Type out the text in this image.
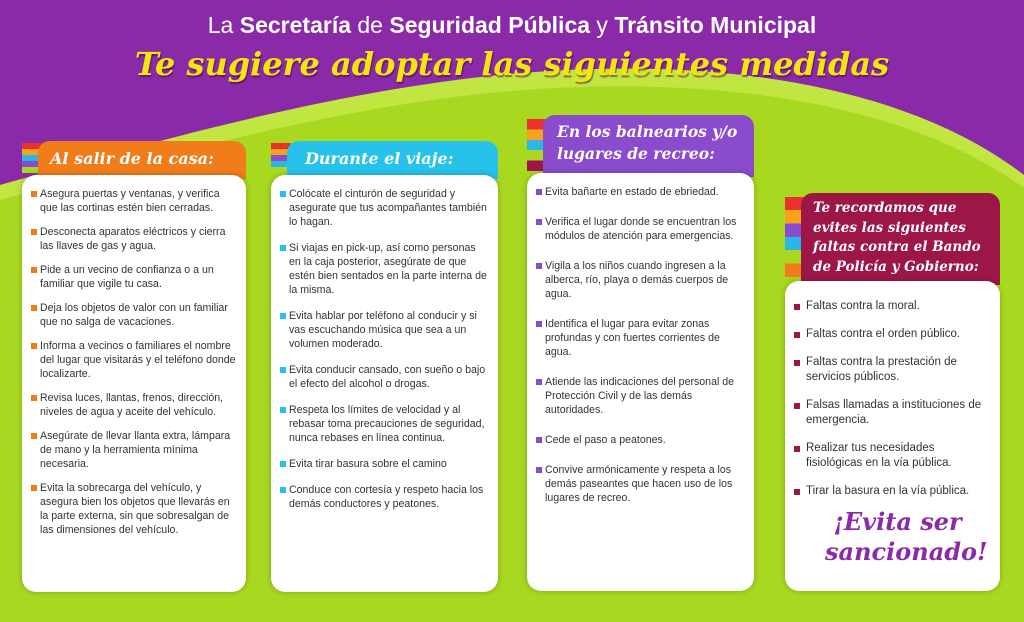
La Secretaría de Seguridad Pública y Tránsito Municipal
Te sugiere adoptar las siguientes medidas
Al salir de la casa:
Asegura puertas y ventanas, y verifica que las cortinas estén bien cerradas.
Desconecta aparatos eléctricos y cierra las llaves de gas y agua.
Pide a un vecino de confianza o a un familiar que vigile tu casa.
Deja los objetos de valor con un familiar que no salga de vacaciones.
Informa a vecinos o familiares el nombre del lugar que visitarás y el teléfono donde localizarte.
Revisa luces, llantas, frenos, dirección, niveles de agua y aceite del vehículo.
Asegúrate de llevar llanta extra, lámpara de mano y la herramienta mínima necesaria.
Evita la sobrecarga del vehículo, y asegura bien los objetos que llevarás en la parte externa, sin que sobresalgan de las dimensiones del vehículo.
Durante el viaje:
Colócate el cinturón de seguridad y asegurate que tus acompañantes también lo hagan.
Si viajas en pick-up, así como personas en la caja posterior, asegúrate de que estén bien sentados en la parte interna de la misma.
Evita hablar por teléfono al conducir y si vas escuchando música que sea a un volumen moderado.
Evita conducir cansado, con sueño o bajo el efecto del alcohol o drogas.
Respeta los límites de velocidad y al rebasar toma precauciones de seguridad, nunca rebases en línea continua.
Evita tirar basura sobre el camino
Conduce con cortesía y respeto hacia los demás conductores y peatones.
En los balnearios y/o lugares de recreo:
Evita bañarte en estado de ebriedad.
Verifica el lugar donde se encuentran los módulos de atención para emergencias.
Vigila a los niños cuando ingresen a la alberca, río, playa o demás cuerpos de agua.
Identifica el lugar para evitar zonas profundas y con fuertes corrientes de agua.
Atiende las indicaciones del personal de Protección Civil y de las demás autoridades.
Cede el paso a peatones.
Convive armónicamente y respeta a los demás paseantes que hacen uso de los lugares de recreo.
Te recordamos que evites las siguientes faltas contra el Bando de Policía y Gobierno:
Faltas contra la moral.
Faltas contra el orden público.
Faltas contra la prestación de servicios públicos.
Falsas llamadas a instituciones de emergencia.
Realizar tus necesidades fisiológicas en la vía pública.
Tirar la basura en la vía pública.
¡Evita ser sancionado!
